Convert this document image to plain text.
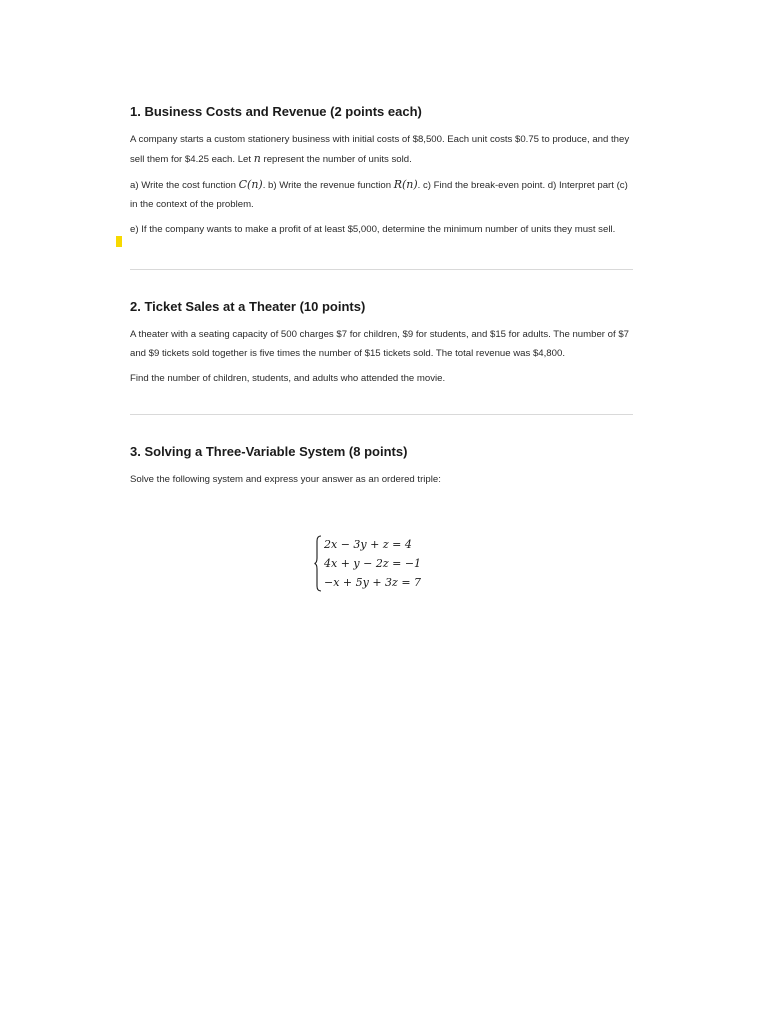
1. Business Costs and Revenue (2 points each)

A company starts a custom stationery business with initial costs of $8,500. Each unit costs $0.75 to produce, and they sell them for $4.25 each. Let n represent the number of units sold.

a) Write the cost function C(n). b) Write the revenue function R(n). c) Find the break-even point. d) Interpret part (c) in the context of the problem.

e) If the company wants to make a profit of at least $5,000, determine the minimum number of units they must sell.

2. Ticket Sales at a Theater (10 points)

A theater with a seating capacity of 500 charges $7 for children, $9 for students, and $15 for adults. The number of $7 and $9 tickets sold together is five times the number of $15 tickets sold. The total revenue was $4,800.

Find the number of children, students, and adults who attended the movie.

3. Solving a Three-Variable System (8 points)

Solve the following system and express your answer as an ordered triple:

2x − 3y + z = 4
4x + y − 2z = −1
−x + 5y + 3z = 7
